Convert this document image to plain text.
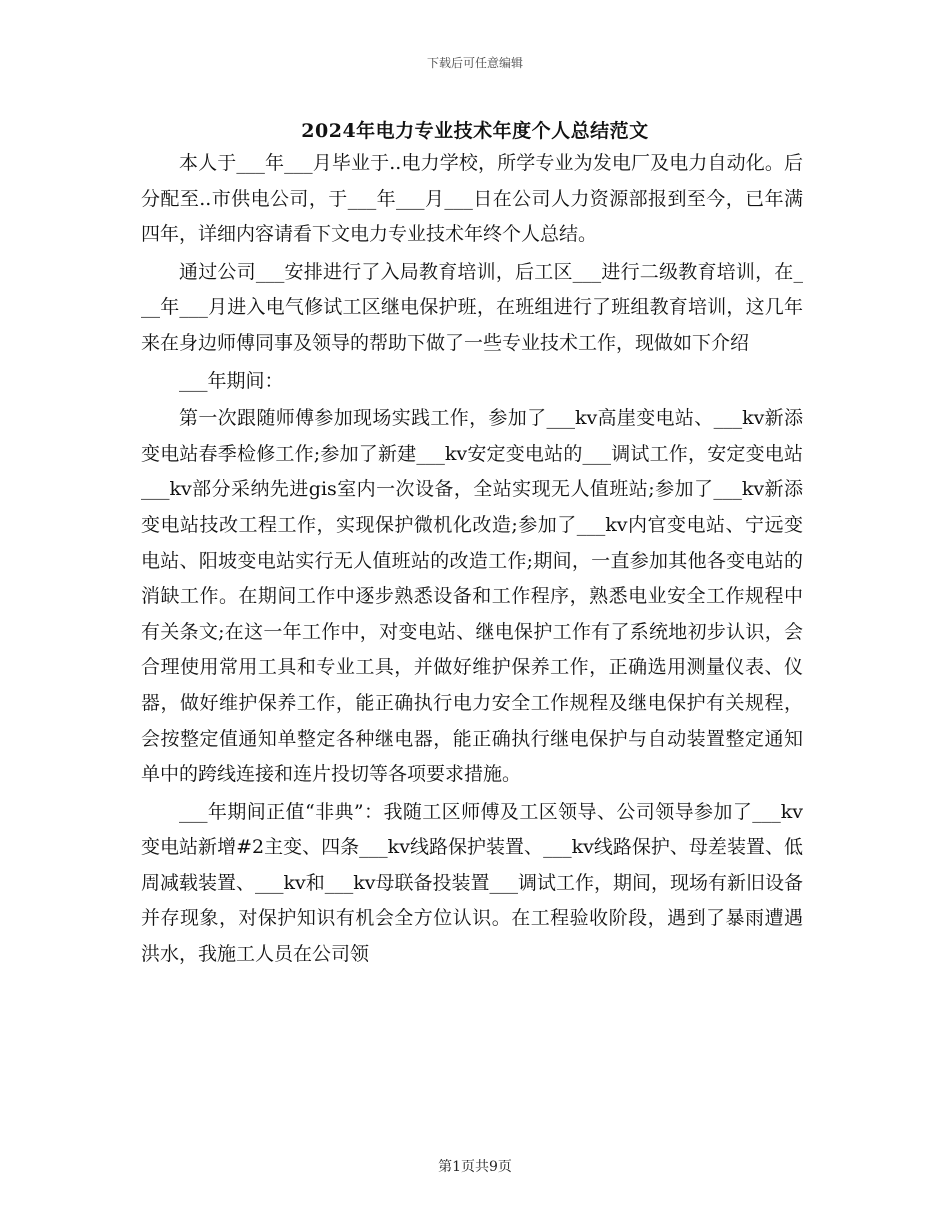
下载后可任意编辑
2024年电力专业技术年度个人总结范文

本人于___年___月毕业于..电力学校，所学专业为发电厂及电力自动化。后分配至..市供电公司，于___年___月___日在公司人力资源部报到至今，已年满四年，详细内容请看下文电力专业技术年终个人总结。

通过公司___安排进行了入局教育培训，后工区___进行二级教育培训，在___年___月进入电气修试工区继电保护班，在班组进行了班组教育培训，这几年来在身边师傅同事及领导的帮助下做了一些专业技术工作，现做如下介绍

___年期间：

第一次跟随师傅参加现场实践工作，参加了___kv高崖变电站、___kv新添变电站春季检修工作;参加了新建___kv安定变电站的___调试工作，安定变电站___kv部分采纳先进gis室内一次设备，全站实现无人值班站;参加了___kv新添变电站技改工程工作，实现保护微机化改造;参加了___kv内官变电站、宁远变电站、阳坡变电站实行无人值班站的改造工作;期间，一直参加其他各变电站的消缺工作。在期间工作中逐步熟悉设备和工作程序，熟悉电业安全工作规程中有关条文;在这一年工作中，对变电站、继电保护工作有了系统地初步认识，会合理使用常用工具和专业工具，并做好维护保养工作，正确选用测量仪表、仪器，做好维护保养工作，能正确执行电力安全工作规程及继电保护有关规程，会按整定值通知单整定各种继电器，能正确执行继电保护与自动装置整定通知单中的跨线连接和连片投切等各项要求措施。

___年期间正值“非典”：我随工区师傅及工区领导、公司领导参加了___kv变电站新增#2主变、四条___kv线路保护装置、___kv线路保护、母差装置、低周减载装置、___kv和___kv母联备投装置___调试工作，期间，现场有新旧设备并存现象，对保护知识有机会全方位认识。在工程验收阶段，遇到了暴雨遭遇洪水，我施工人员在公司领

第1页共9页
